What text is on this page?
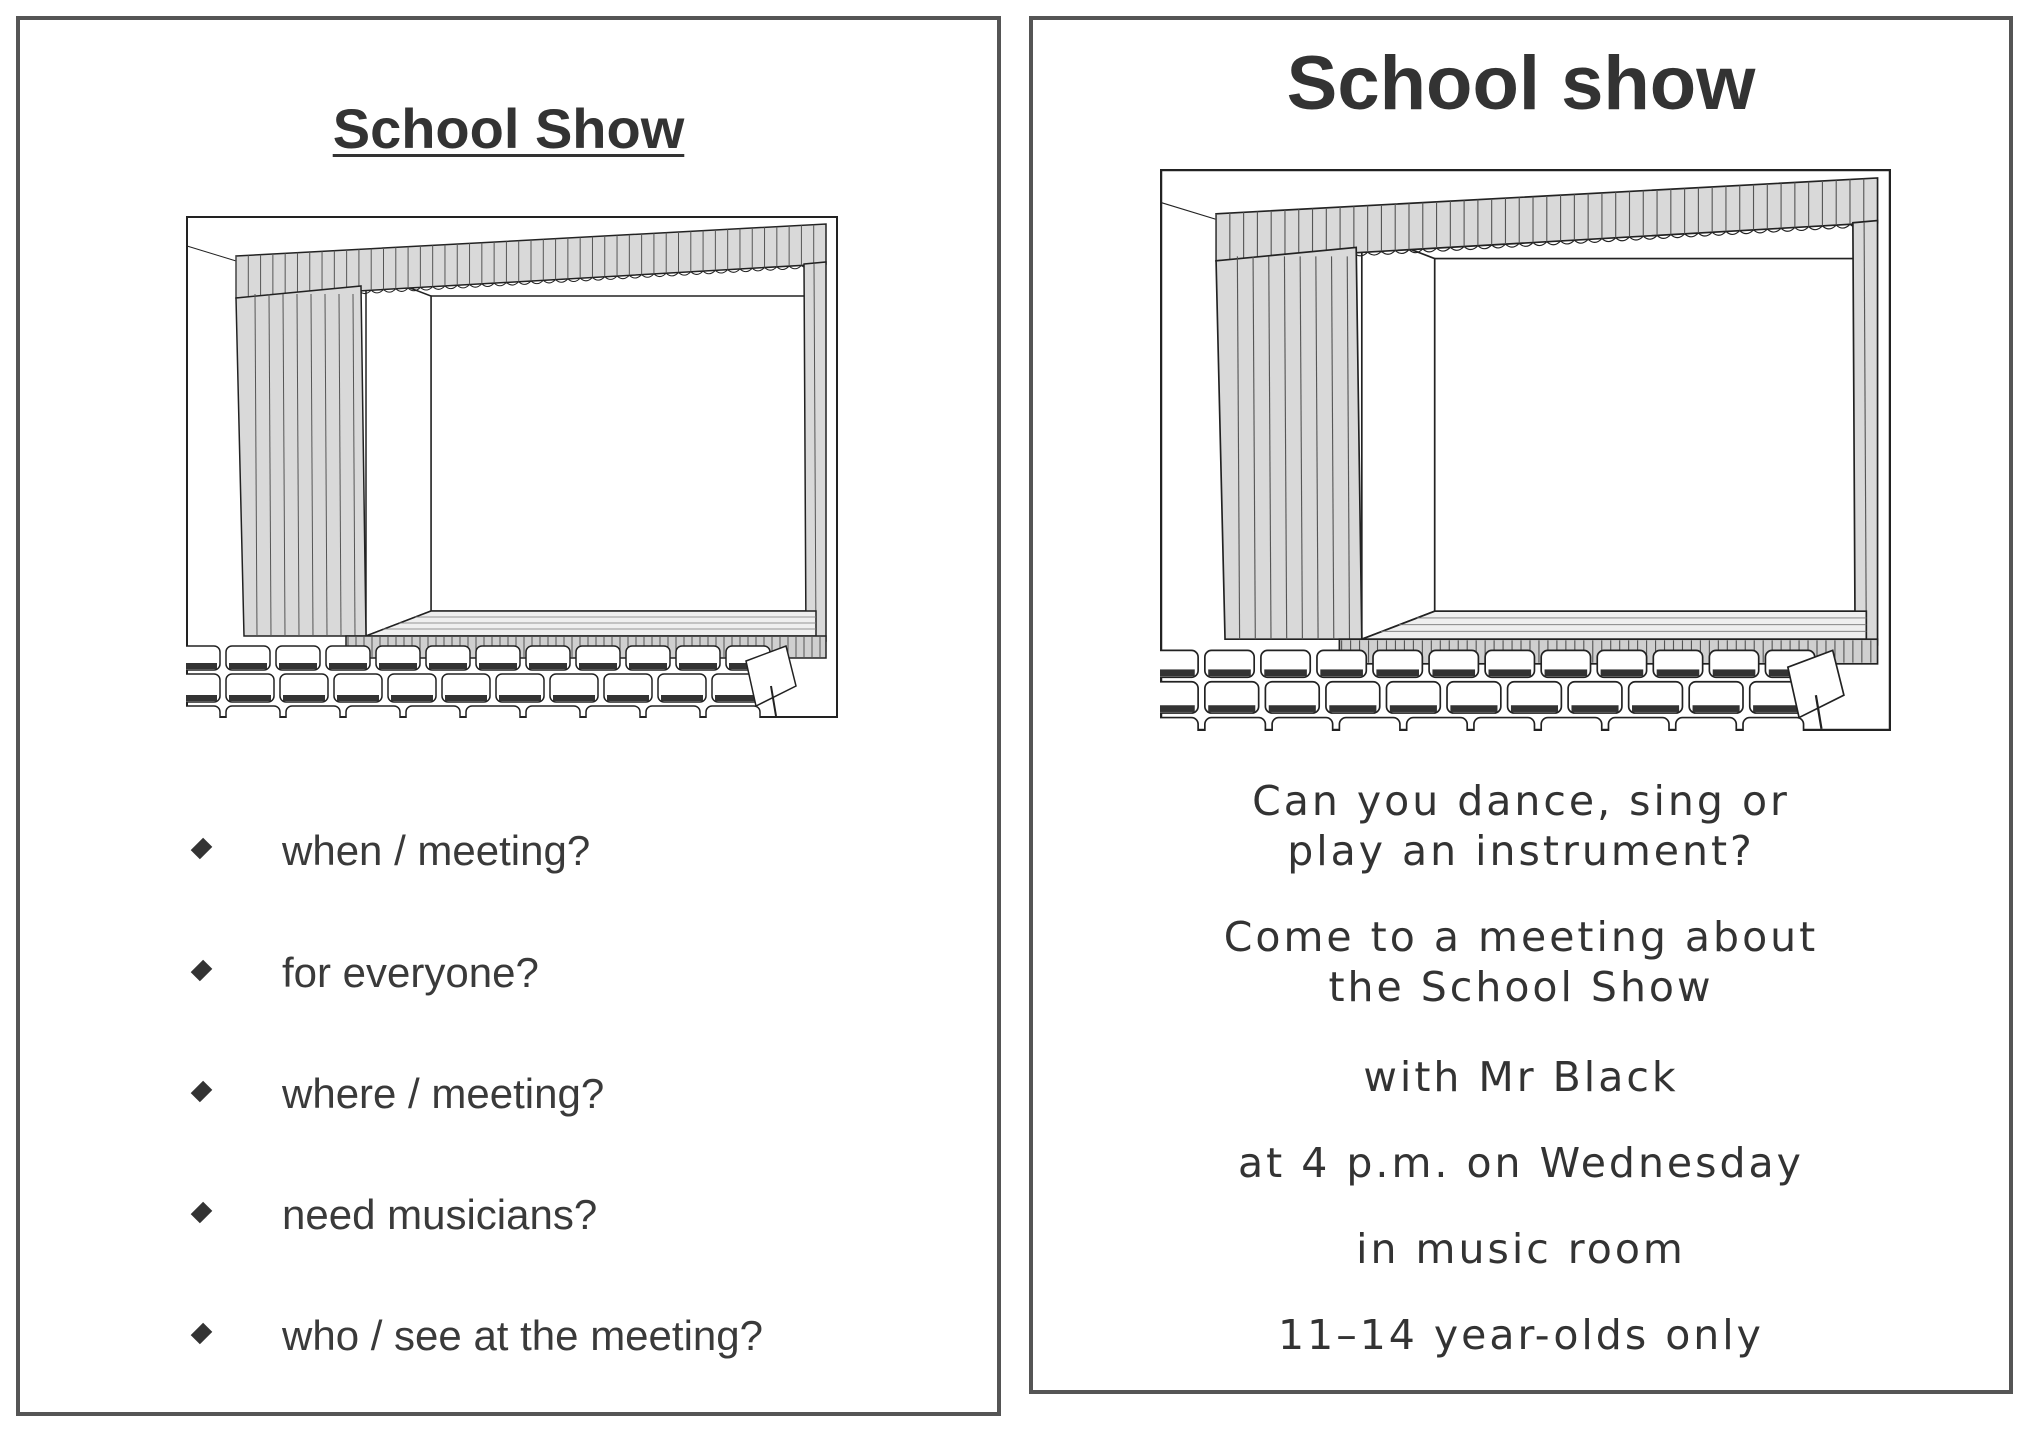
School Show
when / meeting?
for everyone?
where / meeting?
need musicians?
who / see at the meeting?
School show
Can you dance, sing or
play an instrument?
Come to a meeting about
the School Show
with Mr Black
at 4 p.m. on Wednesday
in music room
11–14 year-olds only
